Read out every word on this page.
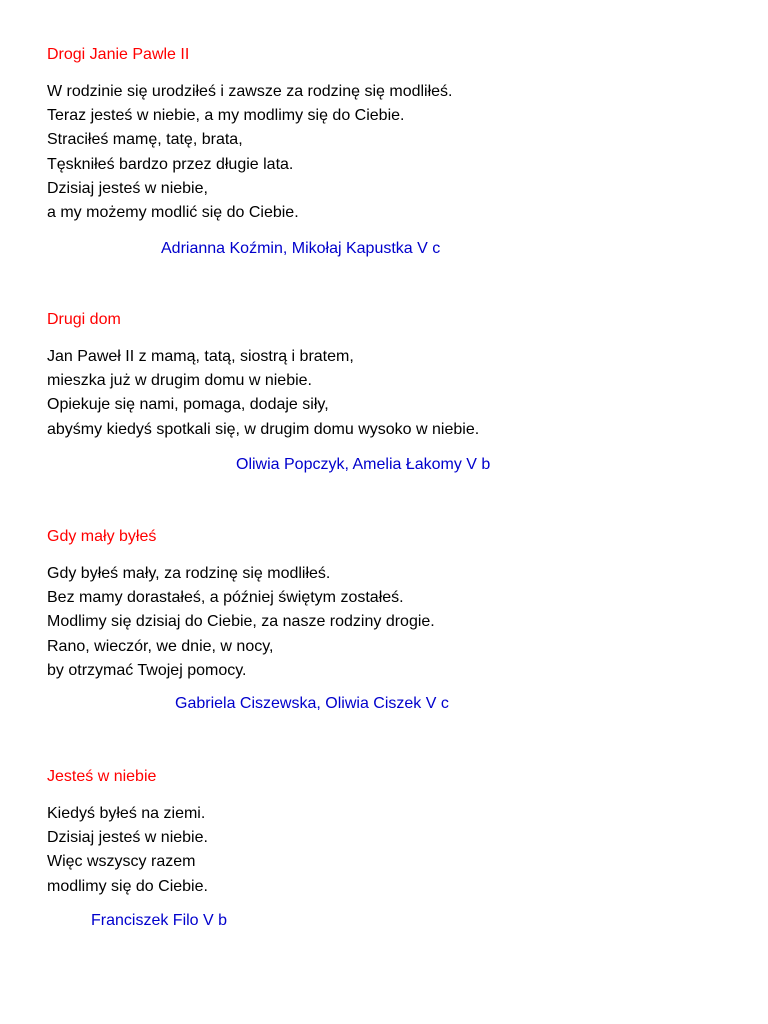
Drogi Janie Pawle II
W rodzinie się urodziłeś i zawsze za rodzinę się modliłeś.
Teraz jesteś w niebie, a my modlimy się do Ciebie.
Straciłeś mamę, tatę, brata,
Tęskniłeś bardzo przez długie lata.
Dzisiaj jesteś w niebie,
a my możemy modlić się do Ciebie.
Adrianna Koźmin, Mikołaj Kapustka V c
Drugi dom
Jan Paweł II z mamą, tatą, siostrą i bratem,
mieszka już w drugim domu w niebie.
Opiekuje się nami, pomaga, dodaje siły,
abyśmy kiedyś spotkali się, w drugim domu wysoko w niebie.
Oliwia Popczyk, Amelia Łakomy V b
Gdy mały byłeś
Gdy byłeś mały, za rodzinę się modliłeś.
Bez mamy dorastałeś, a później świętym zostałeś.
Modlimy się dzisiaj do Ciebie, za nasze rodziny drogie.
Rano, wieczór, we dnie, w nocy,
by otrzymać Twojej pomocy.
Gabriela Ciszewska, Oliwia Ciszek V c
Jesteś w niebie
Kiedyś byłeś na ziemi.
Dzisiaj jesteś w niebie.
Więc wszyscy razem
modlimy się do Ciebie.
Franciszek Filo V b
